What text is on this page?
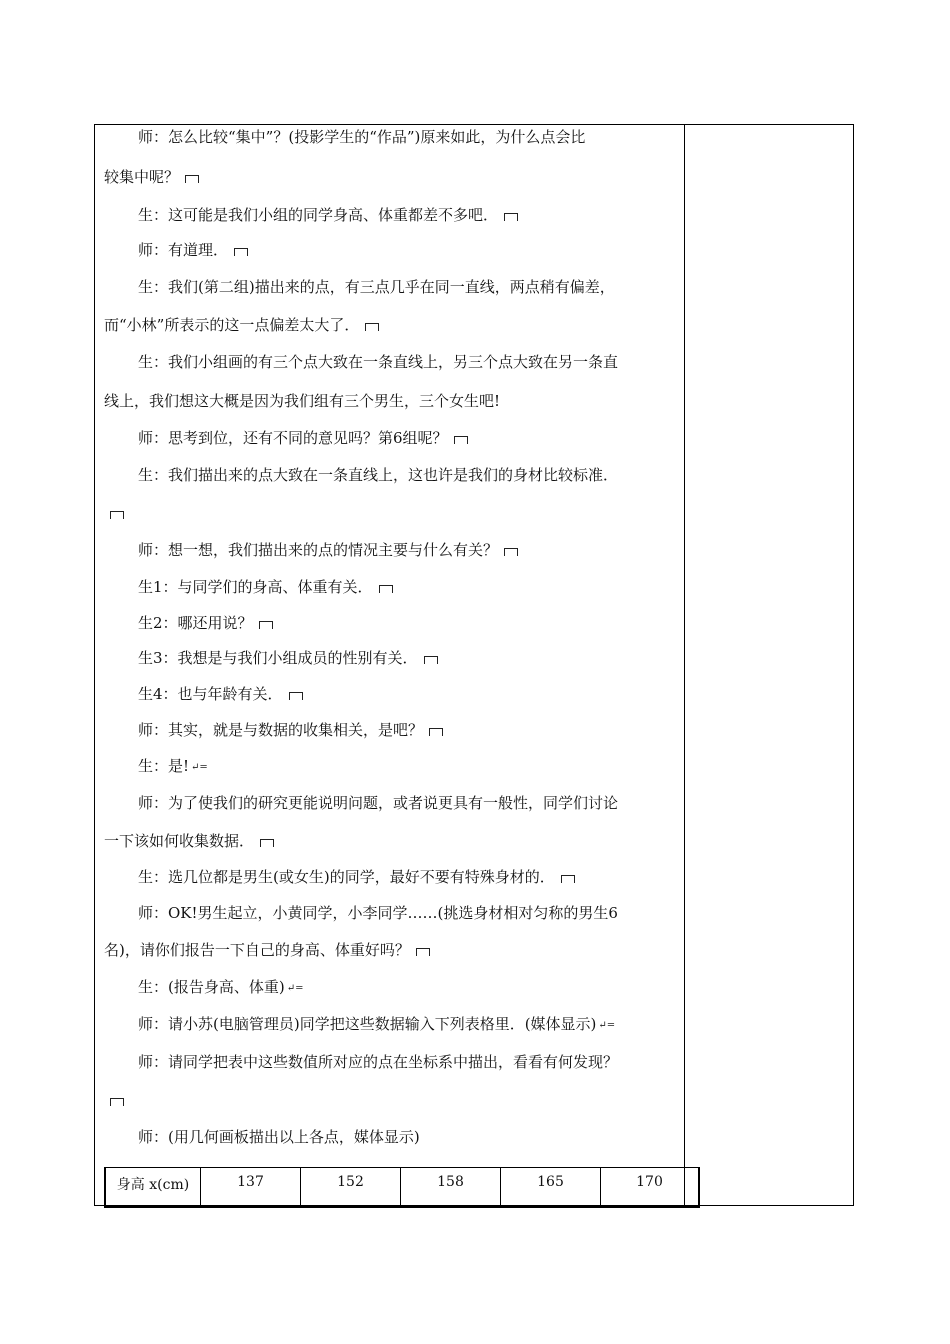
师：怎么比较“集中”？(投影学生的“作品”)原来如此，为什么点会比
较集中呢？
生：这可能是我们小组的同学身高、体重都差不多吧．
师：有道理．
生：我们(第二组)描出来的点，有三点几乎在同一直线，两点稍有偏差，
而“小林”所表示的这一点偏差太大了．
生：我们小组画的有三个点大致在一条直线上，另三个点大致在另一条直
线上，我们想这大概是因为我们组有三个男生，三个女生吧!
师：思考到位，还有不同的意见吗？第6组呢？
生：我们描出来的点大致在一条直线上，这也许是我们的身材比较标准．
师：想一想，我们描出来的点的情况主要与什么有关？
生1：与同学们的身高、体重有关．
生2：哪还用说？
生3：我想是与我们小组成员的性别有关．
生4：也与年龄有关．
师：其实，就是与数据的收集相关，是吧？
生：是! ↵=
师：为了使我们的研究更能说明问题，或者说更具有一般性，同学们讨论
一下该如何收集数据．
生：选几位都是男生(或女生)的同学，最好不要有特殊身材的．
师：OK!男生起立，小黄同学，小李同学……(挑选身材相对匀称的男生6
名)，请你们报告一下自己的身高、体重好吗？
生：(报告身高、体重) ↵=
师：请小苏(电脑管理员)同学把这些数据输入下列表格里．(媒体显示) ↵=
师：请同学把表中这些数值所对应的点在坐标系中描出，看看有何发现？
师：(用几何画板描出以上各点，媒体显示)
身高 x(cm)	137	152	158	165	170
